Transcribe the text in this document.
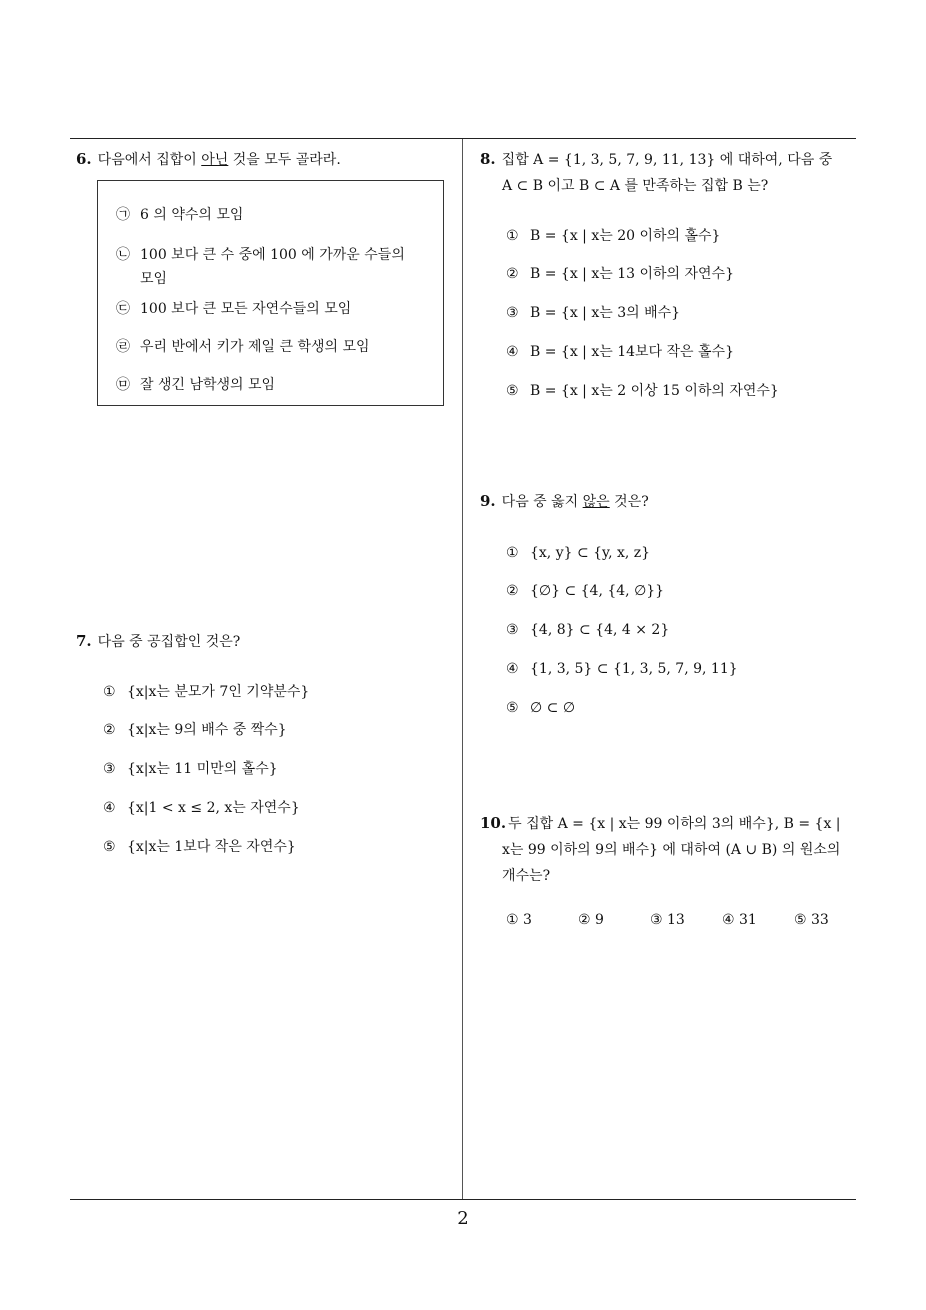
2
6. 다음에서 집합이 아닌 것을 모두 골라라.
㉠ 6 의 약수의 모임
㉡ 100 보다 큰 수 중에 100 에 가까운 수들의
모임
㉢ 100 보다 큰 모든 자연수들의 모임
㉣ 우리 반에서 키가 제일 큰 학생의 모임
㉤ 잘 생긴 남학생의 모임
7. 다음 중 공집합인 것은?
① {x|x는 분모가 7인 기약분수}
② {x|x는 9의 배수 중 짝수}
③ {x|x는 11 미만의 홀수}
④ {x|1 < x ≤ 2, x는 자연수}
⑤ {x|x는 1보다 작은 자연수}
8. 집합 A = {1, 3, 5, 7, 9, 11, 13} 에 대하여, 다음 중
A ⊂ B 이고 B ⊂ A 를 만족하는 집합 B 는?
① B = {x | x는 20 이하의 홀수}
② B = {x | x는 13 이하의 자연수}
③ B = {x | x는 3의 배수}
④ B = {x | x는 14보다 작은 홀수}
⑤ B = {x | x는 2 이상 15 이하의 자연수}
9. 다음 중 옳지 않은 것은?
① {x, y} ⊂ {y, x, z}
② {∅} ⊂ {4, {4, ∅}}
③ {4, 8} ⊂ {4, 4 × 2}
④ {1, 3, 5} ⊂ {1, 3, 5, 7, 9, 11}
⑤ ∅ ⊂ ∅
10. 두 집합 A = {x | x는 99 이하의 3의 배수}, B = {x |
x는 99 이하의 9의 배수} 에 대하여 (A ∪ B) 의 원소의
개수는?
① 3	② 9	③ 13	④ 31	⑤ 33
